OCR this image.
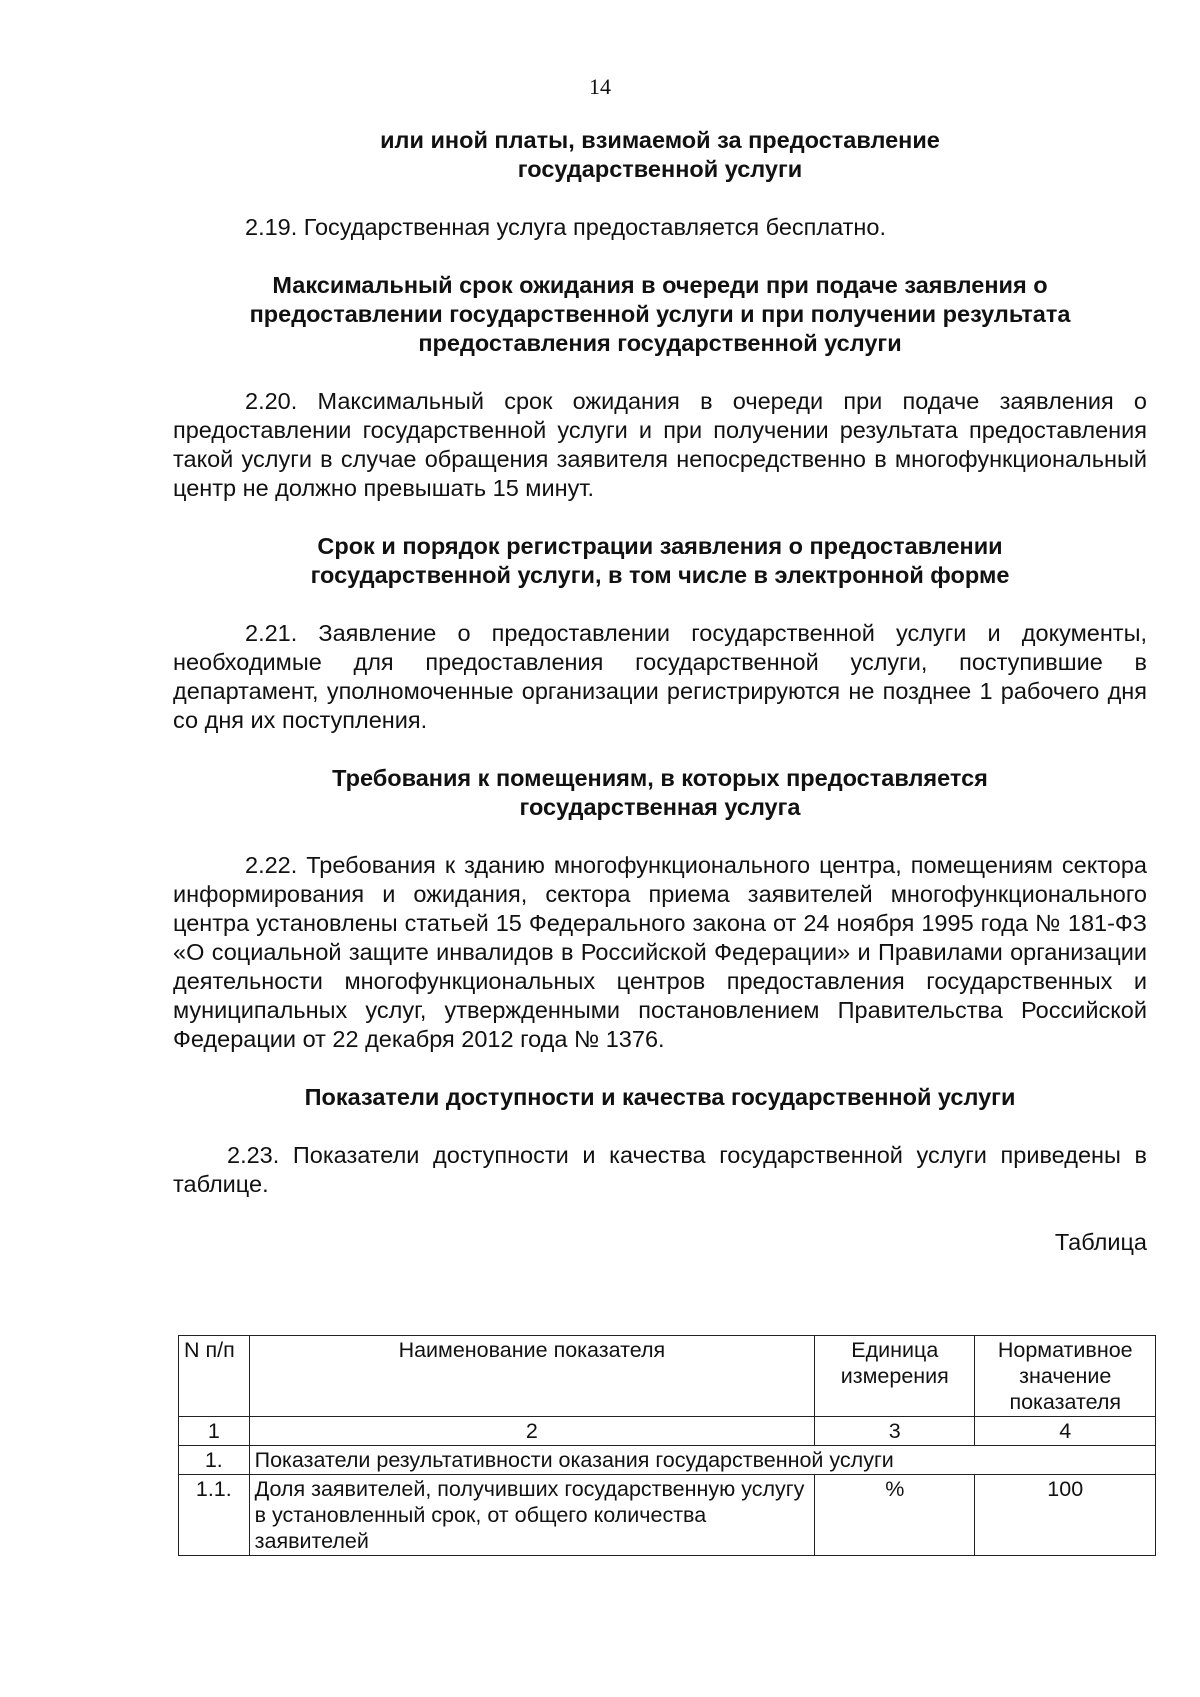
14

или иной платы, взимаемой за предоставление
государственной услуги

2.19. Государственная услуга предоставляется бесплатно.

Максимальный срок ожидания в очереди при подаче заявления о
предоставлении государственной услуги и при получении результата
предоставления государственной услуги

2.20. Максимальный срок ожидания в очереди при подаче заявления о предоставлении государственной услуги и при получении результата предоставления такой услуги в случае обращения заявителя непосредственно в многофункциональный центр не должно превышать 15 минут.

Срок и порядок регистрации заявления о предоставлении
государственной услуги, в том числе в электронной форме

2.21. Заявление о предоставлении государственной услуги и документы, необходимые для предоставления государственной услуги, поступившие в департамент, уполномоченные организации регистрируются не позднее 1 рабочего дня со дня их поступления.

Требования к помещениям, в которых предоставляется
государственная услуга

2.22. Требования к зданию многофункционального центра, помещениям сектора информирования и ожидания, сектора приема заявителей многофункционального центра установлены статьей 15 Федерального закона от 24 ноября 1995 года № 181-ФЗ «О социальной защите инвалидов в Российской Федерации» и Правилами организации деятельности многофункциональных центров предоставления государственных и муниципальных услуг, утвержденными постановлением Правительства Российской Федерации от 22 декабря 2012 года № 1376.

Показатели доступности и качества государственной услуги

2.23. Показатели доступности и качества государственной услуги приведены в таблице.

Таблица

N п/п	Наименование показателя	Единица измерения	Нормативное значение показателя
1	2	3	4
1.	Показатели результативности оказания государственной услуги		
1.1.	Доля заявителей, получивших государственную услугу в установленный срок, от общего количества заявителей	%	100
